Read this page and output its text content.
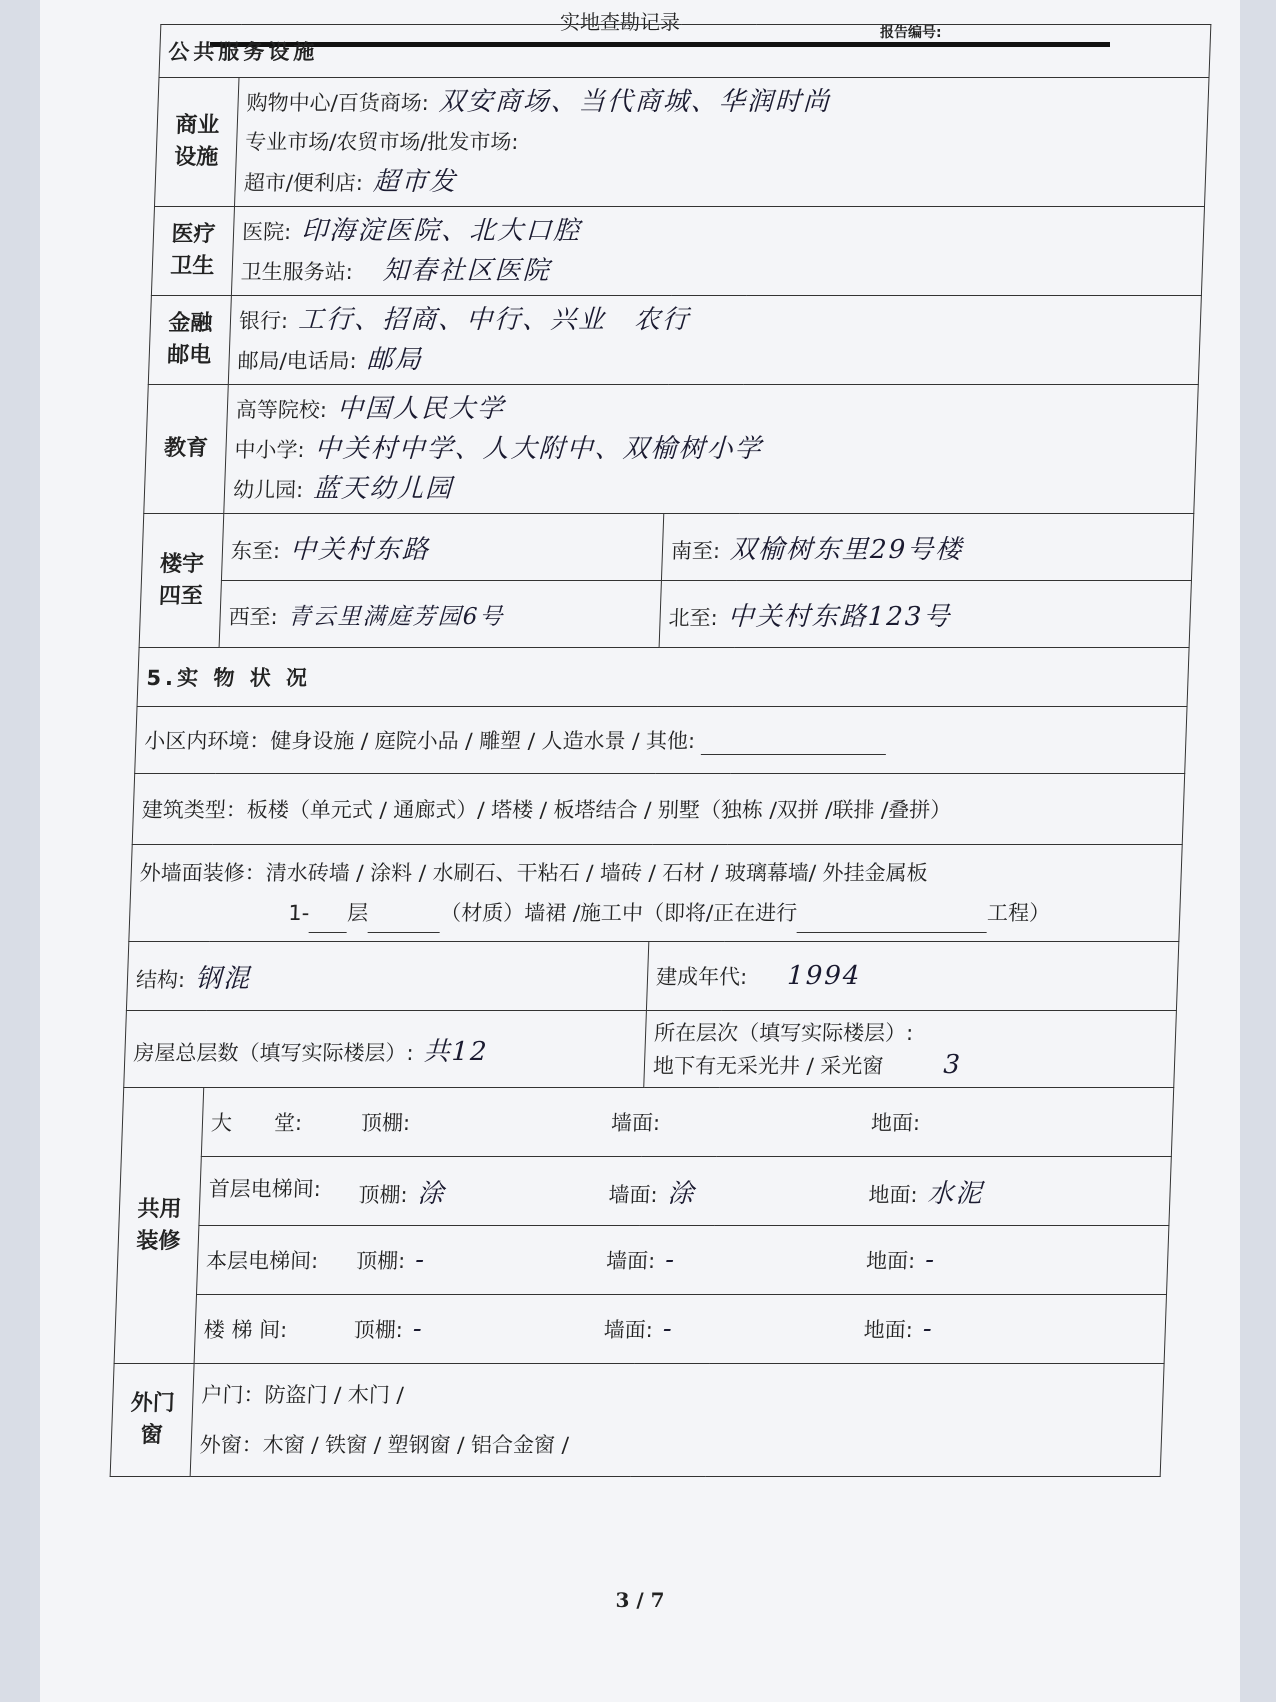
实地查勘记录	报告编号:
公共服务设施		
商业设施	购物中心/百货商场: 双安商场、当代商城、华润时尚
专业市场/农贸市场/批发市场:
超市/便利店: 超市发	

医疗卫生	医院: 印海淀医院、北大口腔
卫生服务站: 知春社区医院	

金融邮电	银行: 工行、招商、中行、兴业　农行
邮局/电话局: 邮局	

教育	高等院校: 中国人民大学
中小学: 中关村中学、人大附中、双榆树小学
幼儿园: 蓝天幼儿园	

楼宇四至	东至: 中关村东路	南至: 双榆树东里29号楼
	西至: 青云里满庭芳园6号	北至: 中关村东路123号
5.实 物 状 况		
小区内环境：健身设施 / 庭院小品 / 雕塑 / 人造水景 / 其他:		
建筑类型：板楼（单元式 / 通廊式）/ 塔楼 / 板塔结合 / 别墅（独栋 /双拼 /联排 /叠拼）		

外墙面装修：清水砖墙 / 涂料 / 水刷石、干粘石 / 墙砖 / 石材 / 玻璃幕墙/ 外挂金属板
1- 层 （材质）墙裙 /施工中（即将/正在进行 工程）		

结构: 钢混		建成年代: 1994
房屋总层数（填写实际楼层）: 共12		所在层次（填写实际楼层）:
地下有无采光井 / 采光窗 3

共用装修	大　　堂: 顶棚: 墙面: 地面:	

	首层电梯间: 顶棚: 涂 墙面: 涂 地面: 水泥	

	本层电梯间: 顶棚: - 墙面: - 地面: -	

	楼 梯 间: 顶棚: - 墙面: - 地面: -	

外门窗	户门：防盗门 / 木门 /
外窗：木窗 / 铁窗 / 塑钢窗 / 铝合金窗 /	
3 / 7
